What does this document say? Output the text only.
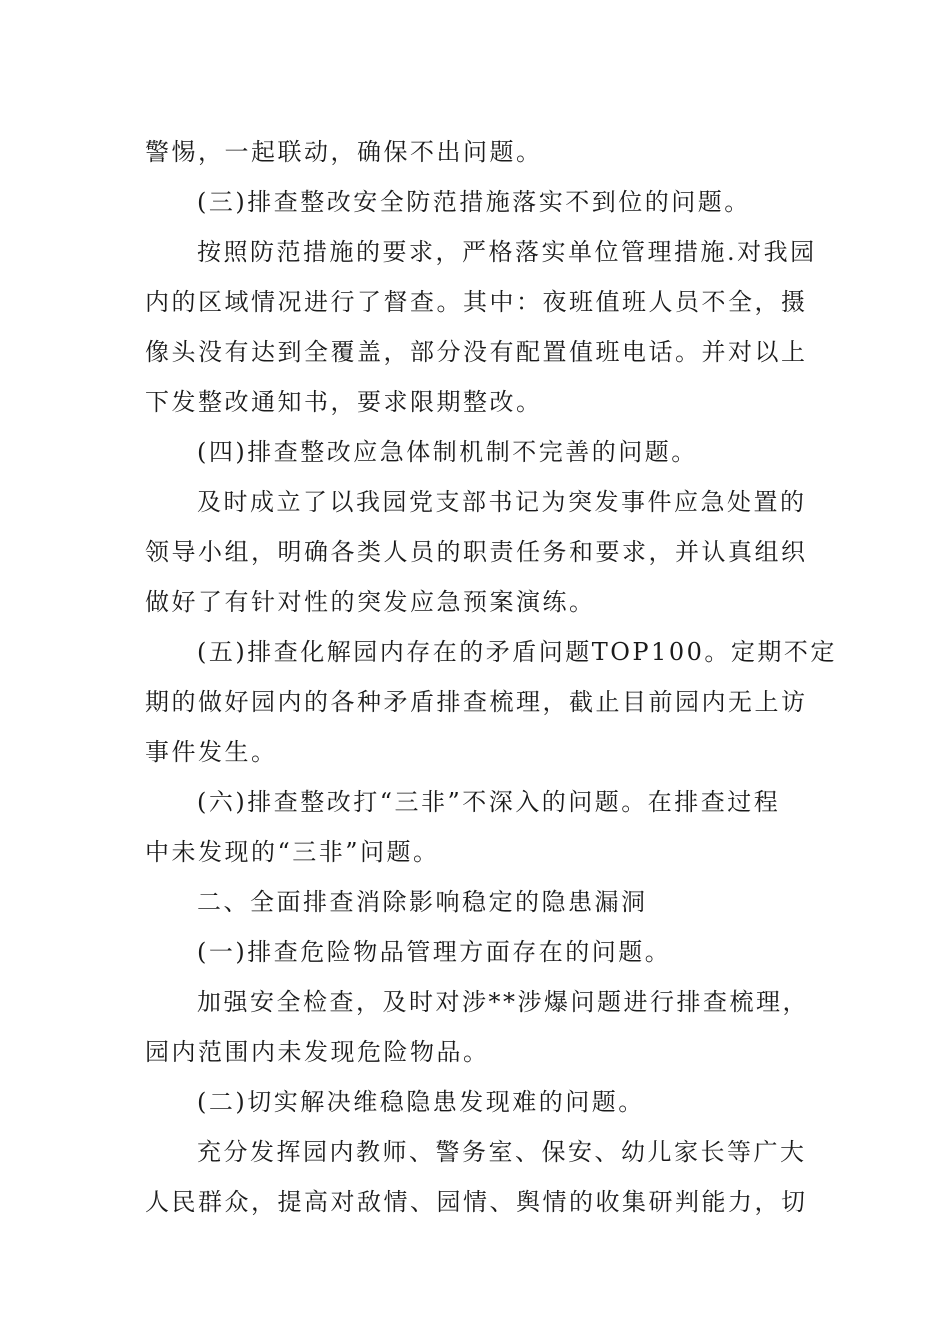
警惕，一起联动，确保不出问题。
(三)排查整改安全防范措施落实不到位的问题。
按照防范措施的要求，严格落实单位管理措施.对我园
内的区域情况进行了督查。其中：夜班值班人员不全，摄
像头没有达到全覆盖，部分没有配置值班电话。并对以上
下发整改通知书，要求限期整改。
(四)排查整改应急体制机制不完善的问题。
及时成立了以我园党支部书记为突发事件应急处置的
领导小组，明确各类人员的职责任务和要求，并认真组织
做好了有针对性的突发应急预案演练。
(五)排查化解园内存在的矛盾问题TOP100。定期不定
期的做好园内的各种矛盾排查梳理，截止目前园内无上访
事件发生。
(六)排查整改打“三非”不深入的问题。在排查过程
中未发现的“三非”问题。
二、全面排查消除影响稳定的隐患漏洞
(一)排查危险物品管理方面存在的问题。
加强安全检查，及时对涉**涉爆问题进行排查梳理，
园内范围内未发现危险物品。
(二)切实解决维稳隐患发现难的问题。
充分发挥园内教师、警务室、保安、幼儿家长等广大
人民群众，提高对敌情、园情、舆情的收集研判能力，切
